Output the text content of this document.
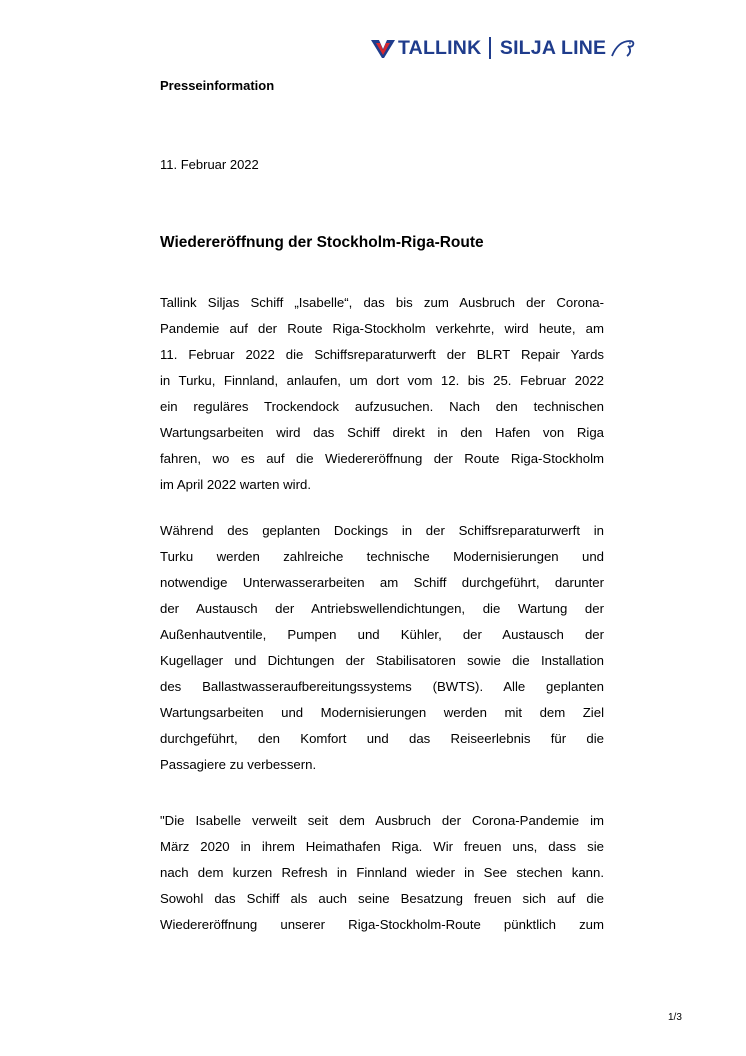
TALLINK SILJA LINE
Presseinformation
11. Februar 2022
Wiedereröffnung der Stockholm-Riga-Route

Tallink Siljas Schiff „Isabelle“, das bis zum Ausbruch der Corona-
Pandemie auf der Route Riga-Stockholm verkehrte, wird heute, am
11. Februar 2022 die Schiffsreparaturwerft der BLRT Repair Yards
in Turku, Finnland, anlaufen, um dort vom 12. bis 25. Februar 2022
ein reguläres Trockendock aufzusuchen. Nach den technischen
Wartungsarbeiten wird das Schiff direkt in den Hafen von Riga
fahren, wo es auf die Wiedereröffnung der Route Riga-Stockholm
im April 2022 warten wird.

Während des geplanten Dockings in der Schiffsreparaturwerft in
Turku werden zahlreiche technische Modernisierungen und
notwendige Unterwasserarbeiten am Schiff durchgeführt, darunter
der Austausch der Antriebswellendichtungen, die Wartung der
Außenhautventile, Pumpen und Kühler, der Austausch der
Kugellager und Dichtungen der Stabilisatoren sowie die Installation
des Ballastwasseraufbereitungssystems (BWTS). Alle geplanten
Wartungsarbeiten und Modernisierungen werden mit dem Ziel
durchgeführt, den Komfort und das Reiseerlebnis für die
Passagiere zu verbessern.

"Die Isabelle verweilt seit dem Ausbruch der Corona-Pandemie im
März 2020 in ihrem Heimathafen Riga. Wir freuen uns, dass sie
nach dem kurzen Refresh in Finnland wieder in See stechen kann.
Sowohl das Schiff als auch seine Besatzung freuen sich auf die
Wiedereröffnung unserer Riga-Stockholm-Route pünktlich zum

1/3
